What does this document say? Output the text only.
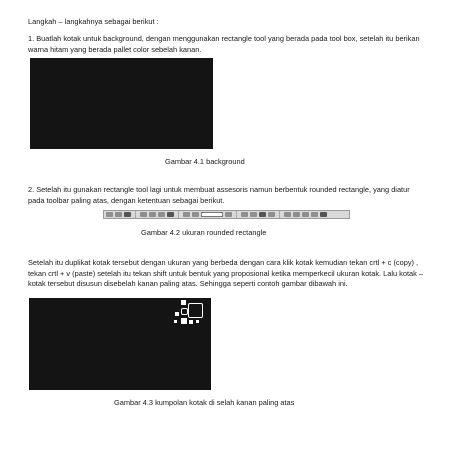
Langkah – langkahnya sebagai berikut :

1. Buatlah kotak untuk background, dengan menggunakan rectangle tool yang berada pada tool box, setelah itu berikan warna hitam yang berada pallet color sebelah kanan.

Gambar 4.1 background

2. Setelah itu gunakan rectangle tool lagi untuk membuat assesoris namun berbentuk rounded rectangle, yang diatur pada toolbar paling atas, dengan ketentuan sebagai berikut.

Gambar 4.2 ukuran rounded rectangle

Setelah itu duplikat kotak tersebut dengan ukuran yang berbeda dengan cara klik kotak kemudian tekan crtl + c (copy) , tekan crtl + v (paste) setelah itu tekan shift untuk bentuk yang proposional ketika memperkecil ukuran kotak. Lalu kotak – kotak tersebut disusun disebelah kanan paling atas. Sehingga seperti contoh gambar dibawah ini.

Gambar 4.3 kumpolan kotak di selah kanan paling atas
